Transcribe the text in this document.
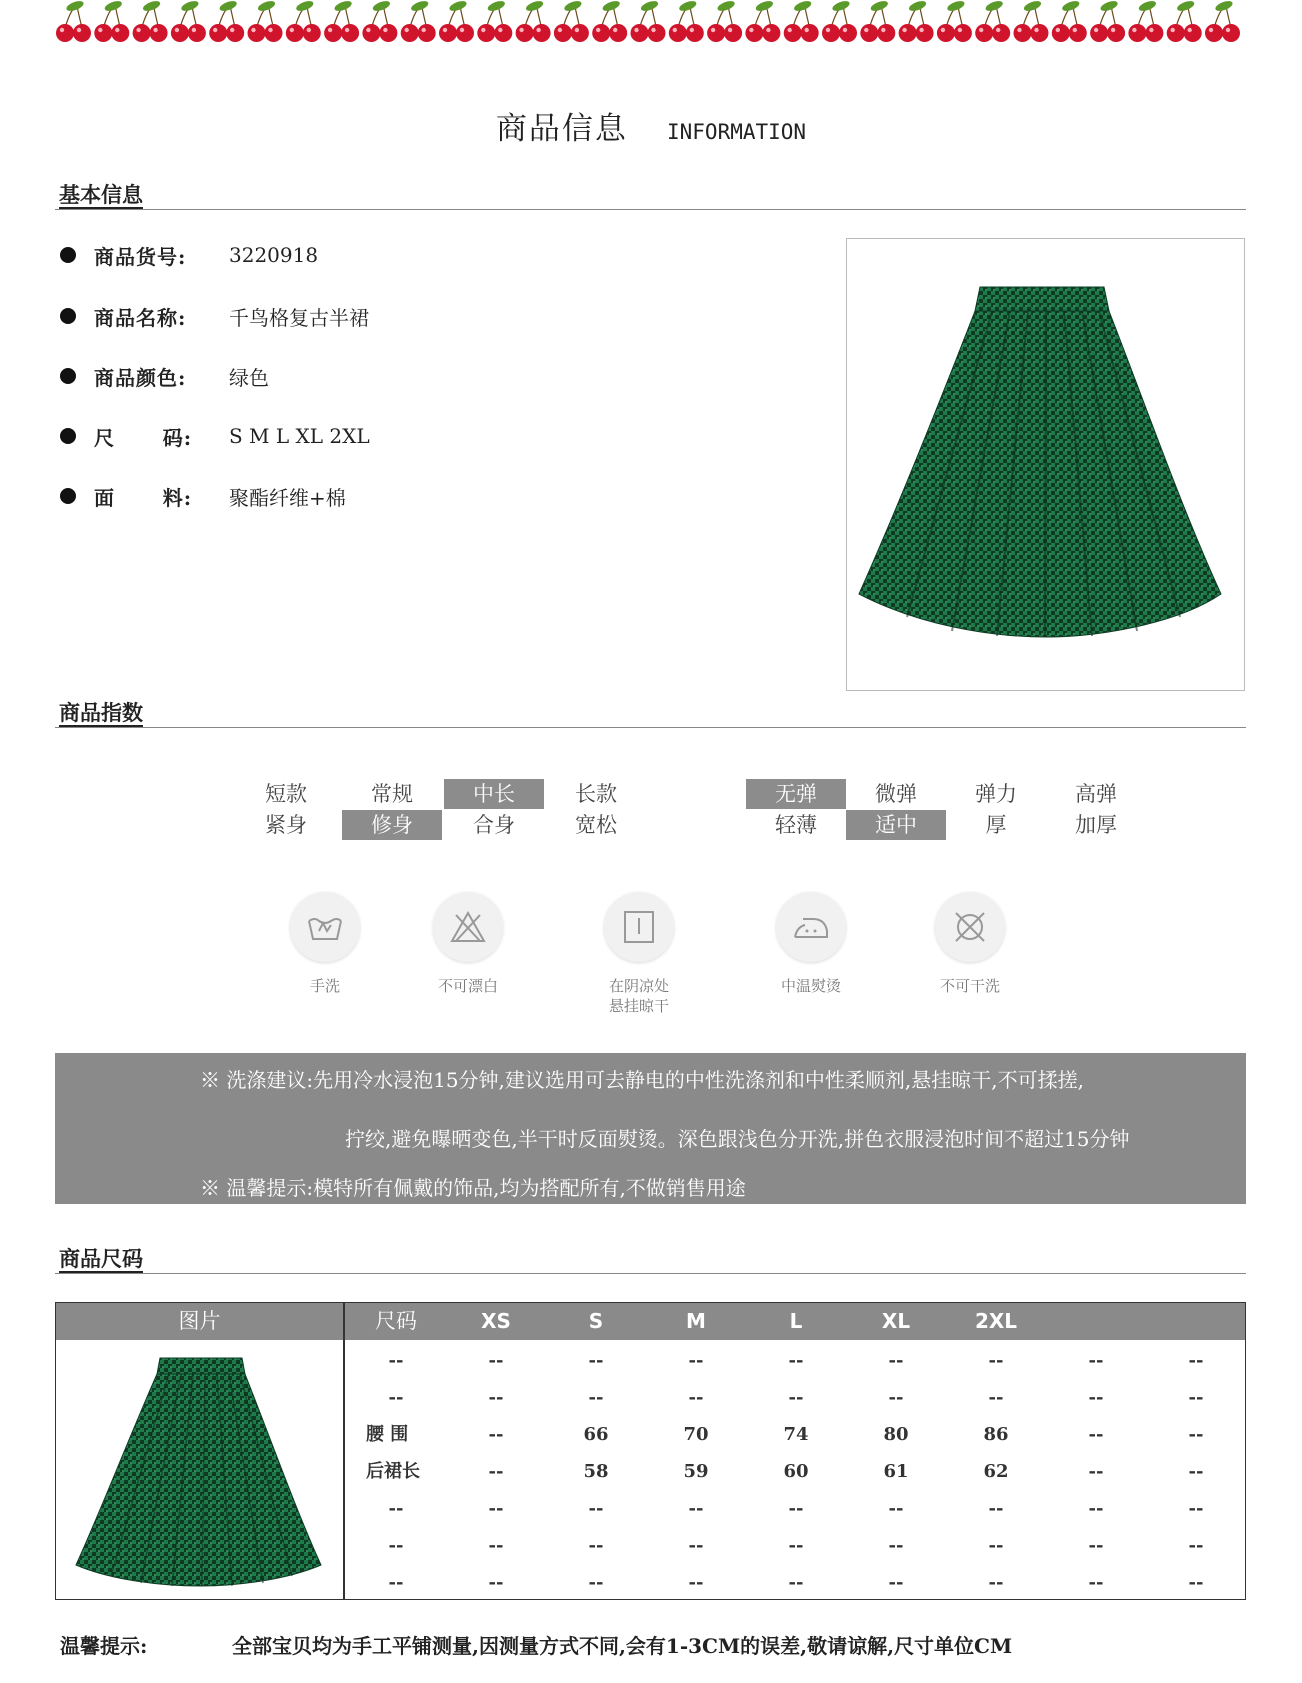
商品信息 INFORMATION
基本信息
商品货号:	3220918
商品名称:	千鸟格复古半裙
商品颜色:	绿色
尺      码:	S M L XL 2XL
面      料:	聚酯纤维+棉
商品指数
短款	常规	中长	长款
紧身	修身	合身	宽松
无弹	微弹	弹力	高弹
轻薄	适中	厚	加厚
手洗	不可漂白	在阴凉处
悬挂晾干
中温熨烫	不可干洗
※ 洗涤建议:先用冷水浸泡15分钟,建议选用可去静电的中性洗涤剂和中性柔顺剂,悬挂晾干,不可揉搓,
拧绞,避免曝晒变色,半干时反面熨烫。深色跟浅色分开洗,拼色衣服浸泡时间不超过15分钟
※ 温馨提示:模特所有佩戴的饰品,均为搭配所有,不做销售用途
商品尺码
图片	尺码	XS	S	M	L	XL	2XL
--	--	--	--	--	--	--	--	--
--	--	--	--	--	--	--	--	--
腰 围	--	66	70	74	80	86	--	--
后裙长	--	58	59	60	61	62	--	--
--	--	--	--	--	--	--	--	--
--	--	--	--	--	--	--	--	--
--	--	--	--	--	--	--	--	--
温馨提示:	全部宝贝均为手工平铺测量,因测量方式不同,会有1-3CM的误差,敬请谅解,尺寸单位CM
